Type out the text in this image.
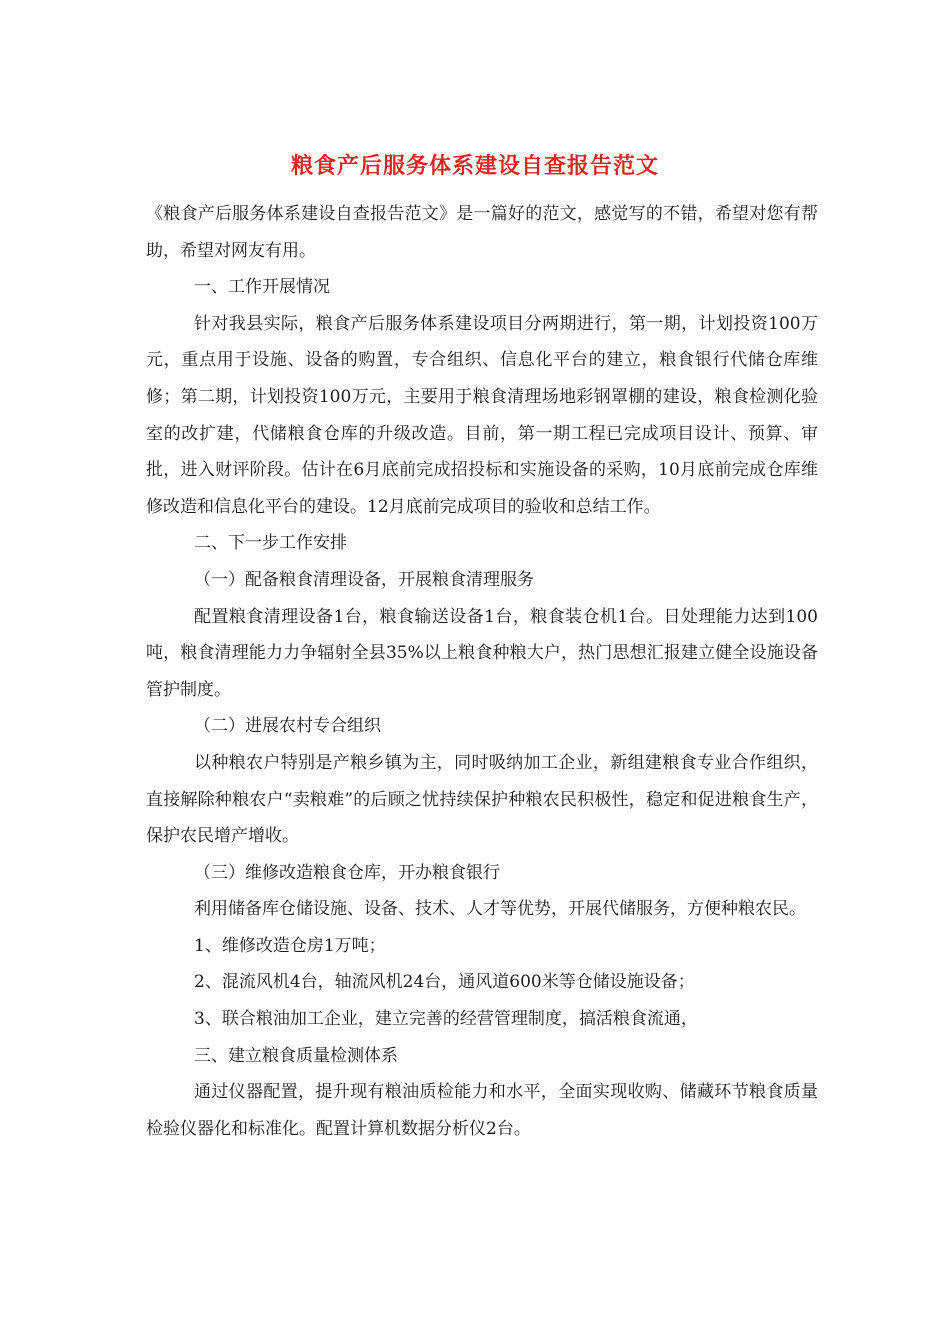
粮食产后服务体系建设自查报告范文

《粮食产后服务体系建设自查报告范文》是一篇好的范文，感觉写的不错，希望对您有帮助，希望对网友有用。

一、工作开展情况

针对我县实际，粮食产后服务体系建设项目分两期进行，第一期，计划投资100万元，重点用于设施、设备的购置，专合组织、信息化平台的建立，粮食银行代储仓库维修；第二期，计划投资100万元，主要用于粮食清理场地彩钢罩棚的建设，粮食检测化验室的改扩建，代储粮食仓库的升级改造。目前，第一期工程已完成项目设计、预算、审批，进入财评阶段。估计在6月底前完成招投标和实施设备的采购，10月底前完成仓库维修改造和信息化平台的建设。12月底前完成项目的验收和总结工作。

二、下一步工作安排

（一）配备粮食清理设备，开展粮食清理服务

配置粮食清理设备1台，粮食输送设备1台，粮食装仓机1台。日处理能力达到100吨，粮食清理能力力争辐射全县35%以上粮食种粮大户，热门思想汇报建立健全设施设备管护制度。

（二）进展农村专合组织

以种粮农户特别是产粮乡镇为主，同时吸纳加工企业，新组建粮食专业合作组织，直接解除种粮农户“卖粮难”的后顾之忧持续保护种粮农民积极性，稳定和促进粮食生产，保护农民增产增收。

（三）维修改造粮食仓库，开办粮食银行

利用储备库仓储设施、设备、技术、人才等优势，开展代储服务，方便种粮农民。

1、维修改造仓房1万吨；

2、混流风机4台，轴流风机24台，通风道600米等仓储设施设备；

3、联合粮油加工企业，建立完善的经营管理制度，搞活粮食流通，

三、建立粮食质量检测体系

通过仪器配置，提升现有粮油质检能力和水平，全面实现收购、储藏环节粮食质量检验仪器化和标准化。配置计算机数据分析仪2台。
